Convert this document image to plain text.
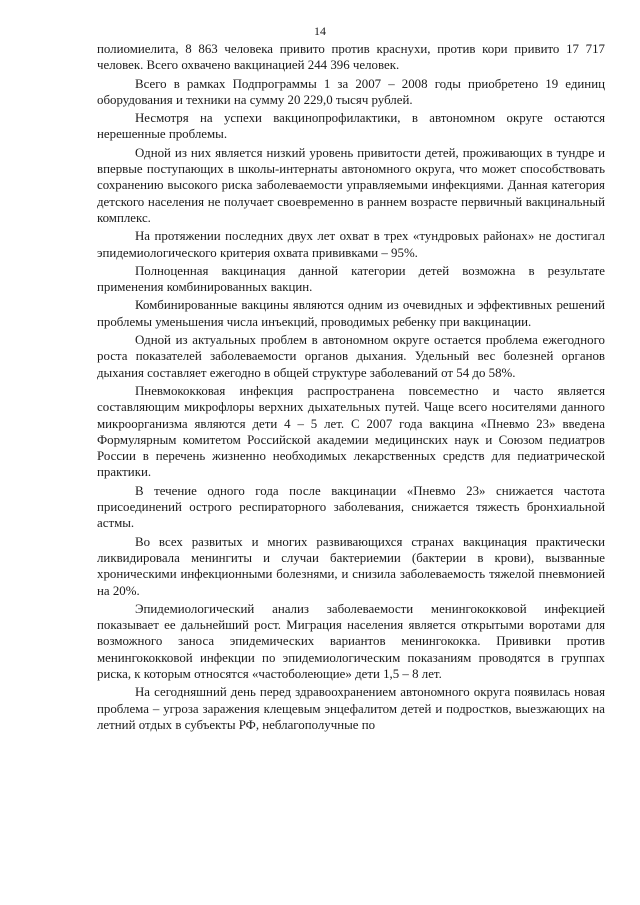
14

полиомиелита, 8 863 человека привито против краснухи, против кори привито 17 717 человек. Всего охвачено вакцинацией 244 396 человек.

Всего в рамках Подпрограммы 1 за 2007 – 2008 годы приобретено 19 единиц оборудования и техники на сумму 20 229,0 тысяч рублей.

Несмотря на успехи вакцинопрофилактики, в автономном округе остаются нерешенные проблемы.

Одной из них является низкий уровень привитости детей, проживающих в тундре и впервые поступающих в школы-интернаты автономного округа, что может способствовать сохранению высокого риска заболеваемости управляемыми инфекциями. Данная категория детского населения не получает своевременно в раннем возрасте первичный вакцинальный комплекс.

На протяжении последних двух лет охват в трех «тундровых районах» не достигал эпидемиологического критерия охвата прививками – 95%.

Полноценная вакцинация данной категории детей возможна в результате применения комбинированных вакцин.

Комбинированные вакцины являются одним из очевидных и эффективных решений проблемы уменьшения числа инъекций, проводимых ребенку при вакцинации.

Одной из актуальных проблем в автономном округе остается проблема ежегодного роста показателей заболеваемости органов дыхания. Удельный вес болезней органов дыхания составляет ежегодно в общей структуре заболеваний от 54 до 58%.

Пневмококковая инфекция распространена повсеместно и часто является составляющим микрофлоры верхних дыхательных путей. Чаще всего носителями данного микроорганизма являются дети 4 – 5 лет. С 2007 года вакцина «Пневмо 23» введена Формулярным комитетом Российской академии медицинских наук и Союзом педиатров России в перечень жизненно необходимых лекарственных средств для педиатрической практики.

В течение одного года после вакцинации «Пневмо 23» снижается частота присоединений острого респираторного заболевания, снижается тяжесть бронхиальной астмы.

Во всех развитых и многих развивающихся странах вакцинация практически ликвидировала менингиты и случаи бактериемии (бактерии в крови), вызванные хроническими инфекционными болезнями, и снизила заболеваемость тяжелой пневмонией на 20%.

Эпидемиологический анализ заболеваемости менингококковой инфекцией показывает ее дальнейший рост. Миграция населения является открытыми воротами для возможного заноса эпидемических вариантов менингококка. Прививки против менингококковой инфекции по эпидемиологическим показаниям проводятся в группах риска, к которым относятся «частоболеющие» дети 1,5 – 8 лет.

На сегодняшний день перед здравоохранением автономного округа появилась новая проблема – угроза заражения клещевым энцефалитом детей и подростков, выезжающих на летний отдых в субъекты РФ, неблагополучные по
